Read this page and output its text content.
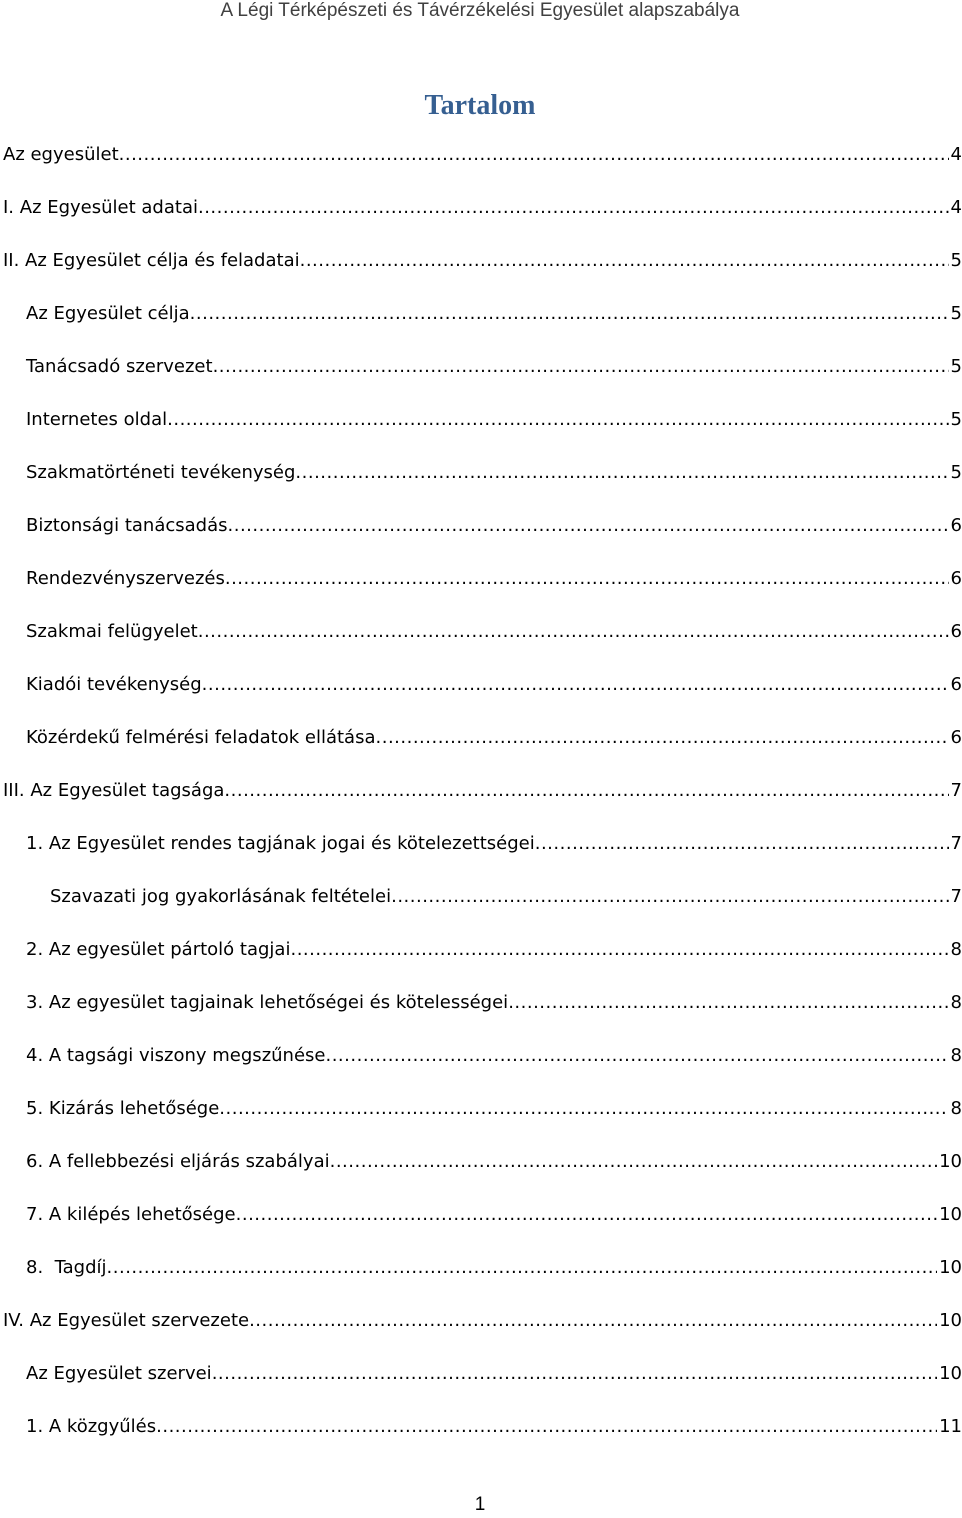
A Légi Térképészeti és Távérzékelési Egyesület alapszabálya
Tartalom
Az egyesület .....	4
I. Az Egyesület adatai .....	4
II. Az Egyesület célja és feladatai .....	5
Az Egyesület célja .....	5
Tanácsadó szervezet .....	5
Internetes oldal .....	5
Szakmatörténeti tevékenység .....	5
Biztonsági tanácsadás .....	6
Rendezvényszervezés .....	6
Szakmai felügyelet .....	6
Kiadói tevékenység .....	6
Közérdekű felmérési feladatok ellátása .....	6
III. Az Egyesület tagsága .....	7
1. Az Egyesület rendes tagjának jogai és kötelezettségei .....	7
Szavazati jog gyakorlásának feltételei .....	7
2. Az egyesület pártoló tagjai .....	8
3. Az egyesület tagjainak lehetőségei és kötelességei .....	8
4. A tagsági viszony megszűnése .....	8
5. Kizárás lehetősége .....	8
6. A fellebbezési eljárás szabályai .....	10
7. A kilépés lehetősége .....	10
8.  Tagdíj .....	10
IV. Az Egyesület szervezete .....	10
Az Egyesület szervei .....	10
1. A közgyűlés .....	11
1
